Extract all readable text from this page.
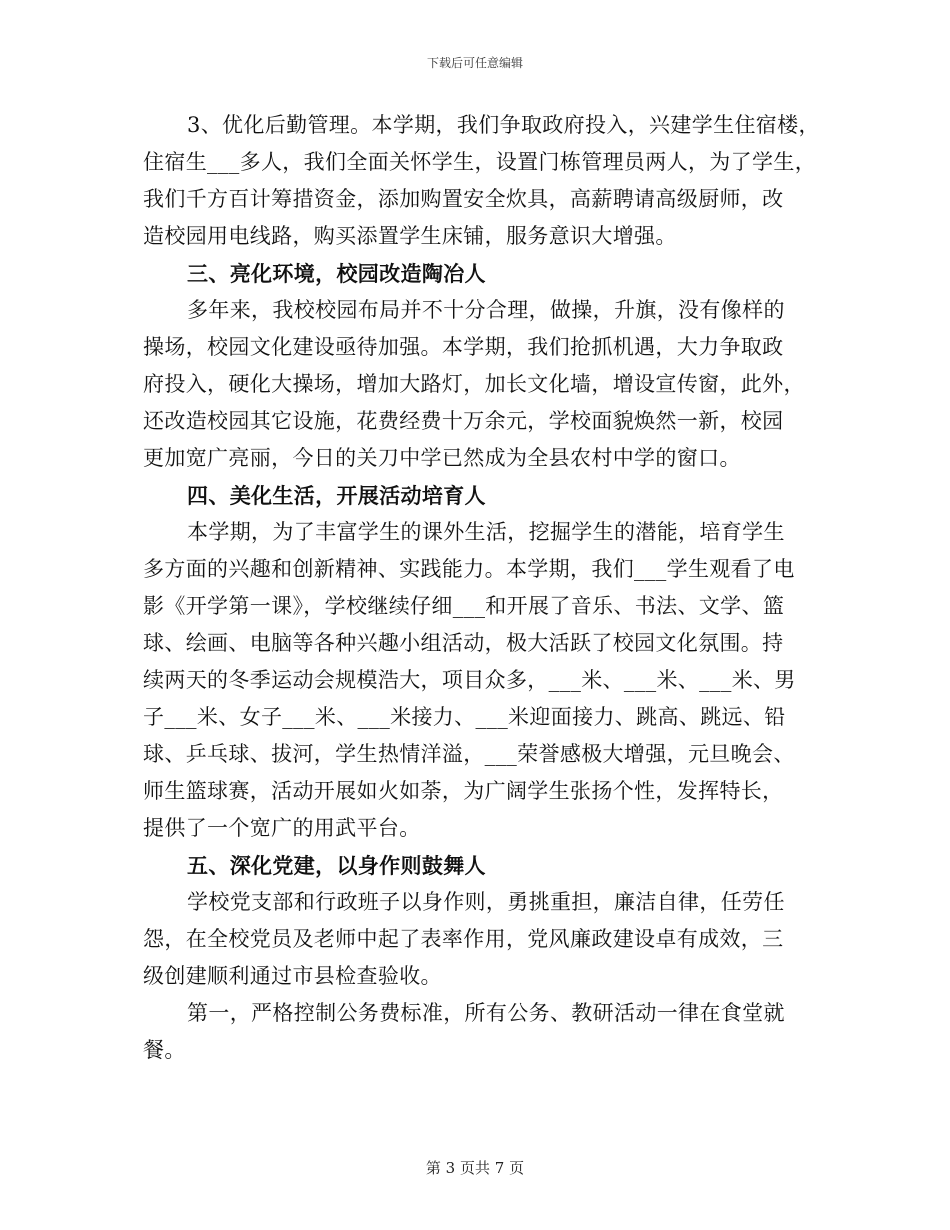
下载后可任意编辑
3、优化后勤管理。本学期，我们争取政府投入，兴建学生住宿楼，
住宿生___多人，我们全面关怀学生，设置门栋管理员两人，为了学生，
我们千方百计筹措资金，添加购置安全炊具，高薪聘请高级厨师，改
造校园用电线路，购买添置学生床铺，服务意识大增强。
三、亮化环境，校园改造陶冶人
多年来，我校校园布局并不十分合理，做操，升旗，没有像样的
操场，校园文化建设亟待加强。本学期，我们抢抓机遇，大力争取政
府投入，硬化大操场，增加大路灯，加长文化墙，增设宣传窗，此外，
还改造校园其它设施，花费经费十万余元，学校面貌焕然一新，校园
更加宽广亮丽，今日的关刀中学已然成为全县农村中学的窗口。
四、美化生活，开展活动培育人
本学期，为了丰富学生的课外生活，挖掘学生的潜能，培育学生
多方面的兴趣和创新精神、实践能力。本学期，我们___学生观看了电
影《开学第一课》，学校继续仔细___和开展了音乐、书法、文学、篮
球、绘画、电脑等各种兴趣小组活动，极大活跃了校园文化氛围。持
续两天的冬季运动会规模浩大，项目众多，___米、___米、___米、男
子___米、女子___米、___米接力、___米迎面接力、跳高、跳远、铅
球、乒乓球、拔河，学生热情洋溢，___荣誉感极大增强，元旦晚会、
师生篮球赛，活动开展如火如荼，为广阔学生张扬个性，发挥特长，
提供了一个宽广的用武平台。
五、深化党建，以身作则鼓舞人
学校党支部和行政班子以身作则，勇挑重担，廉洁自律，任劳任
怨，在全校党员及老师中起了表率作用，党风廉政建设卓有成效，三
级创建顺利通过市县检查验收。
第一，严格控制公务费标准，所有公务、教研活动一律在食堂就
餐。
第 3 页共 7 页
